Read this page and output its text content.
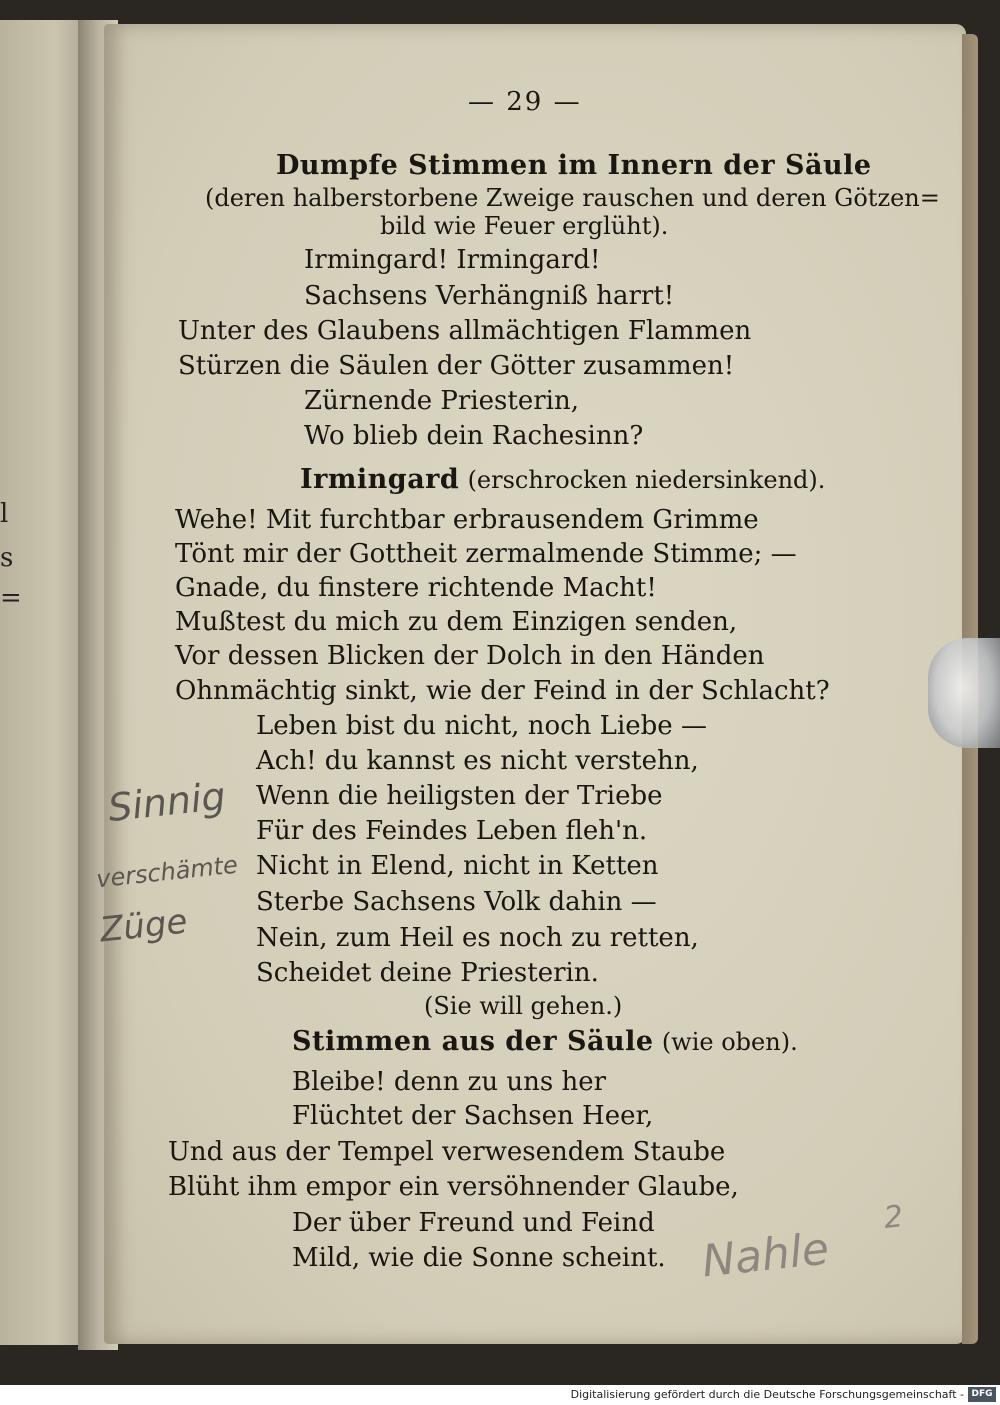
l
s
=
— 29 —
Dumpfe Stimmen im Innern der Säule
(deren halberstorbene Zweige rauschen und deren Götzen=
bild wie Feuer erglüht).
Irmingard! Irmingard!
Sachsens Verhängniß harrt!
Unter des Glaubens allmächtigen Flammen
Stürzen die Säulen der Götter zusammen!
Zürnende Priesterin,
Wo blieb dein Rachesinn?
Irmingard (erschrocken niedersinkend).
Wehe! Mit furchtbar erbrausendem Grimme
Tönt mir der Gottheit zermalmende Stimme; —
Gnade, du finstere richtende Macht!
Mußtest du mich zu dem Einzigen senden,
Vor dessen Blicken der Dolch in den Händen
Ohnmächtig sinkt, wie der Feind in der Schlacht?
Leben bist du nicht, noch Liebe —
Ach! du kannst es nicht verstehn,
Wenn die heiligsten der Triebe
Für des Feindes Leben fleh'n.
Nicht in Elend, nicht in Ketten
Sterbe Sachsens Volk dahin —
Nein, zum Heil es noch zu retten,
Scheidet deine Priesterin.
(Sie will gehen.)
Stimmen aus der Säule (wie oben).
Bleibe! denn zu uns her
Flüchtet der Sachsen Heer,
Und aus der Tempel verwesendem Staube
Blüht ihm empor ein versöhnender Glaube,
Der über Freund und Feind
Mild, wie die Sonne scheint.
Sinnig
verschämte
Züge
Nahle
2
Digitalisierung gefördert durch die Deutsche Forschungsgemeinschaft - DFG
